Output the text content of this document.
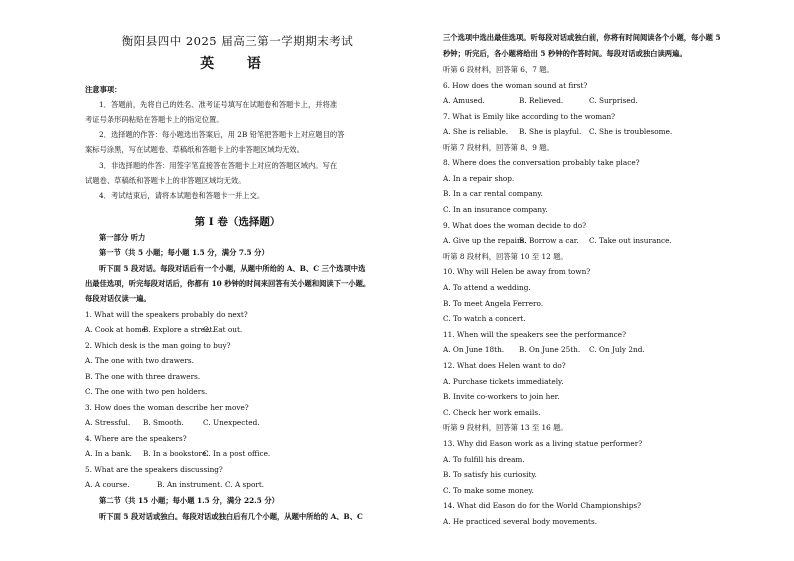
衡阳县四中 2025 届高三第一学期期末考试
英 语
注意事项：
1．答题前，先将自己的姓名、准考证号填写在试题卷和答题卡上，并将准
考证号条形码粘贴在答题卡上的指定位置。
2．选择题的作答：每小题选出答案后，用 2B 铅笔把答题卡上对应题目的答
案标号涂黑，写在试题卷、草稿纸和答题卡上的非答题区域均无效。
3．非选择题的作答：用签字笔直接答在答题卡上对应的答题区域内。写在
试题卷、草稿纸和答题卡上的非答题区域均无效。
4．考试结束后，请将本试题卷和答题卡一并上交。
第 I 卷（选择题）
第一部分 听力
第一节（共 5 小题；每小题 1.5 分，满分 7.5 分）
听下面 5 段对话。每段对话后有一个小题，从题中所给的 A、B、C 三个选项中选
出最佳选项，听完每段对话后，你都有 10 秒钟的时间来回答有关小题和阅读下一小题。
每段对话仅读一遍。
1. What will the speakers probably do next?
A. Cook at home.B. Explore a street.C. Eat out.
2. Which desk is the man going to buy?
A. The one with two drawers.
B. The one with three drawers.
C. The one with two pen holders.
3. How does the woman describe her move?
A. Stressful. B. Smooth.	C. Unexpected.
4. Where are the speakers?
A. In a bank. B. In a bookstore.C. In a post office.
5. What are the speakers discussing?
A. A course.	B. An instrument. C. A sport.
第二节（共 15 小题；每小题 1.5 分，满分 22.5 分）
听下面 5 段对话或独白。每段对话或独白后有几个小题，从题中所给的 A、B、C
三个选项中选出最佳选项。听每段对话或独白前，你将有时间阅读各个小题，每小题 5
秒钟；听完后，各小题将给出 5 秒钟的作答时间。每段对话或独白读两遍。
听第 6 段材料，回答第 6、7 题。
6. How does the woman sound at first?
A. Amused.	B. Relieved.	C. Surprised.
7. What is Emily like according to the woman?
A. She is reliable. B. She is playful. C. She is troublesome.
听第 7 段材料，回答第 8、9 题。
8. Where does the conversation probably take place?
A. In a repair shop.
B. In a car rental company.
C. In an insurance company.
9. What does the woman decide to do?
A. Give up the repairs.B. Borrow a car. C. Take out insurance.
听第 8 段材料，回答第 10 至 12 题。
10. Why will Helen be away from town?
A. To attend a wedding.
B. To meet Angela Ferrero.
C. To watch a concert.
11. When will the speakers see the performance?
A. On June 18th. B. On June 25th. C. On July 2nd.
12. What does Helen want to do?
A. Purchase tickets immediately.
B. Invite co-workers to join her.
C. Check her work emails.
听第 9 段材料，回答第 13 至 16 题。
13. Why did Eason work as a living statue performer?
A. To fulfill his dream.
B. To satisfy his curiosity.
C. To make some money.
14. What did Eason do for the World Championships?
A. He practiced several body movements.
